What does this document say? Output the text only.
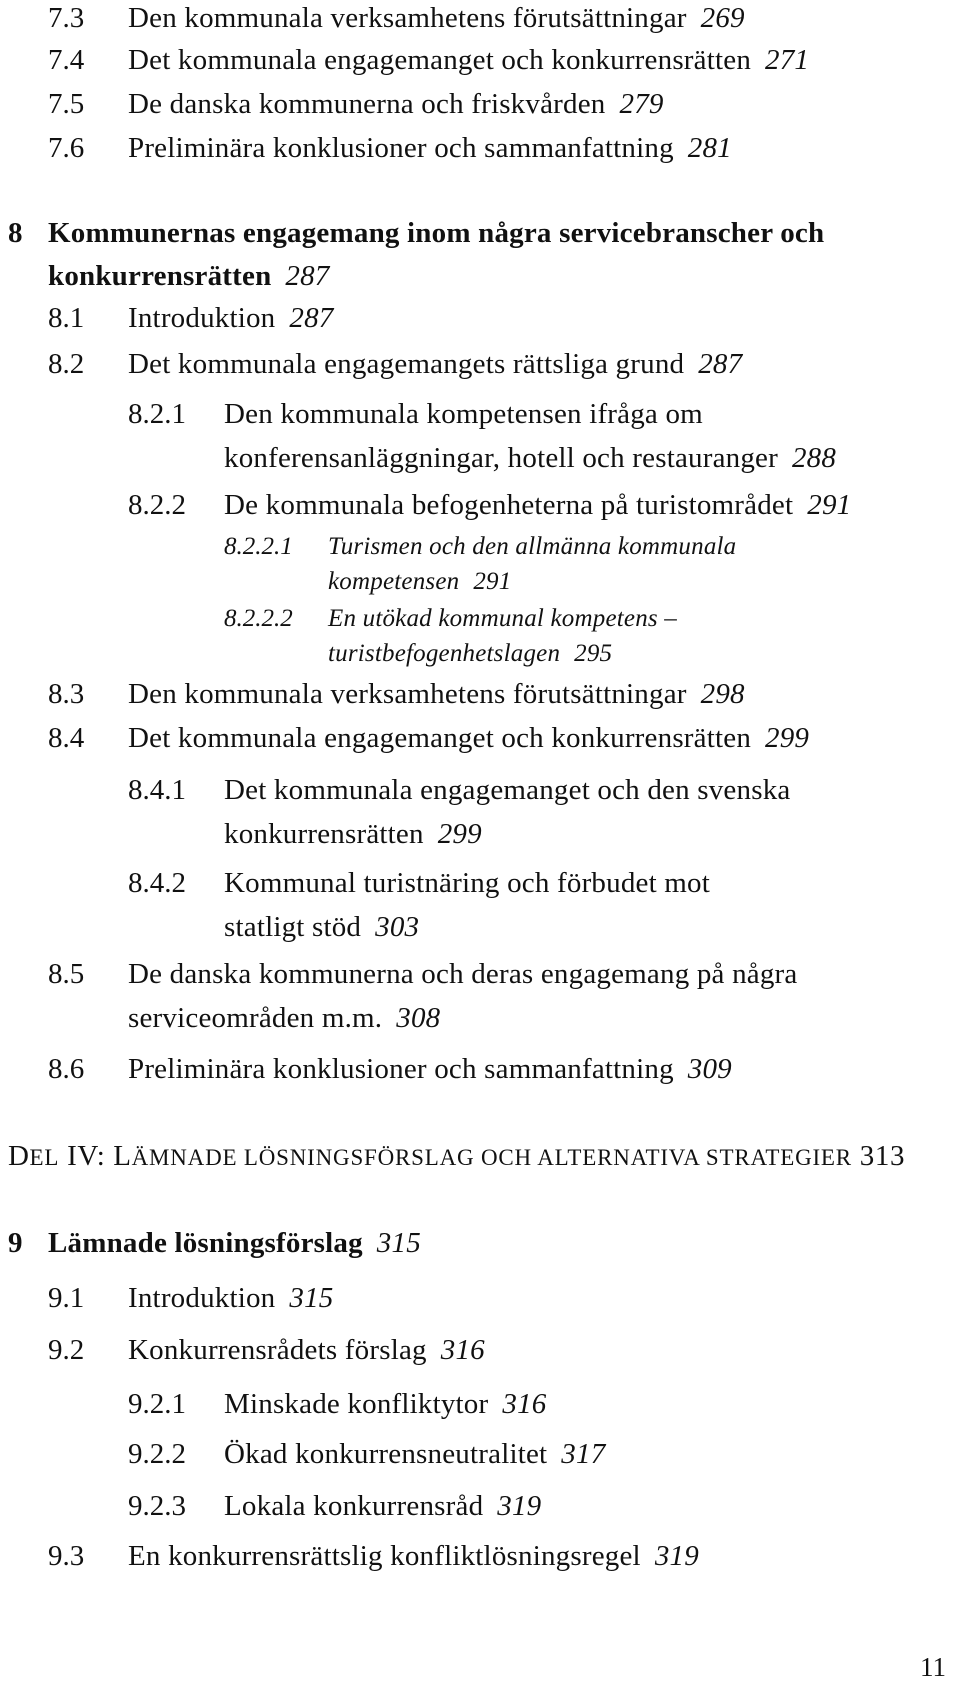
7.3 Den kommunala verksamhetens förutsättningar 269
7.4 Det kommunala engagemanget och konkurrensrätten 271
7.5 De danska kommunerna och friskvården 279
7.6 Preliminära konklusioner och sammanfattning 281
8 Kommunernas engagemang inom några servicebranscher och
konkurrensrätten 287
8.1 Introduktion 287
8.2 Det kommunala engagemangets rättsliga grund 287
8.2.1 Den kommunala kompetensen ifråga om
konferensanläggningar, hotell och restauranger 288
8.2.2 De kommunala befogenheterna på turistområdet 291
8.2.2.1 Turismen och den allmänna kommunala
kompetensen 291
8.2.2.2 En utökad kommunal kompetens –
turistbefogenhetslagen 295
8.3 Den kommunala verksamhetens förutsättningar 298
8.4 Det kommunala engagemanget och konkurrensrätten 299
8.4.1 Det kommunala engagemanget och den svenska
konkurrensrätten 299
8.4.2 Kommunal turistnäring och förbudet mot
statligt stöd 303
8.5 De danska kommunerna och deras engagemang på några
serviceområden m.m. 308
8.6 Preliminära konklusioner och sammanfattning 309
DEL IV: LÄMNADE LÖSNINGSFÖRSLAG OCH ALTERNATIVA STRATEGIER 313
9 Lämnade lösningsförslag 315
9.1 Introduktion 315
9.2 Konkurrensrådets förslag 316
9.2.1 Minskade konfliktytor 316
9.2.2 Ökad konkurrensneutralitet 317
9.2.3 Lokala konkurrensråd 319
9.3 En konkurrensrättslig konfliktlösningsregel 319
11
